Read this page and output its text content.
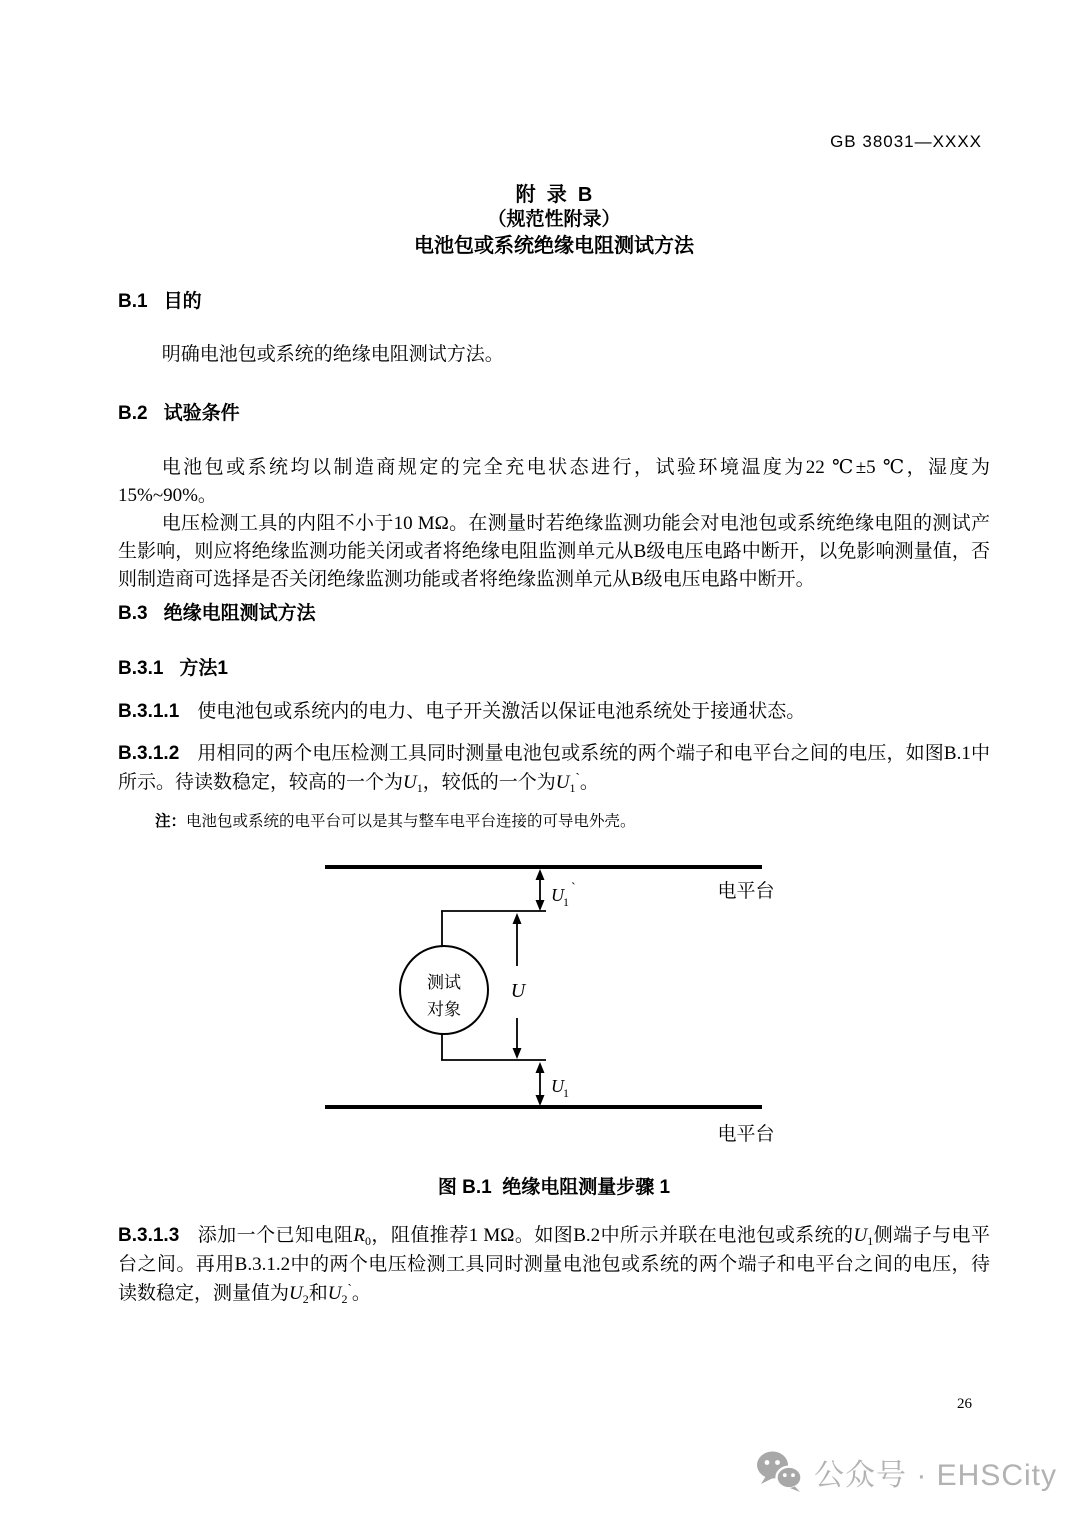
GB 38031—XXXX
附  录  B
（规范性附录）
电池包或系统绝缘电阻测试方法
B.1 目的

明确电池包或系统的绝缘电阻测试方法。

B.2 试验条件

电池包或系统均以制造商规定的完全充电状态进行，试验环境温度为22 ℃±5 ℃，湿度为15%~90%。

电压检测工具的内阻不小于10 MΩ。在测量时若绝缘监测功能会对电池包或系统绝缘电阻的测试产生影响，则应将绝缘监测功能关闭或者将绝缘电阻监测单元从B级电压电路中断开，以免影响测量值，否则制造商可选择是否关闭绝缘监测功能或者将绝缘监测单元从B级电压电路中断开。

B.3 绝缘电阻测试方法
B.3.1 方法1
B.3.1.1 使电池包或系统内的电力、电子开关激活以保证电池系统处于接通状态。
B.3.1.2 用相同的两个电压检测工具同时测量电池包或系统的两个端子和电平台之间的电压，如图B.1中所示。待读数稳定，较高的一个为$U_1$，较低的一个为$U_1^`$。
注：电池包或系统的电平台可以是其与整车电平台连接的可导电外壳。
电平台
U 1
`
测试
对象
U
U 1
电平台
图 B.1  绝缘电阻测量步骤 1
B.3.1.3 添加一个已知电阻$R_0$，阻值推荐1 MΩ。如图B.2中所示并联在电池包或系统的$U_1$侧端子与电平台之间。再用B.3.1.2中的两个电压检测工具同时测量电池包或系统的两个端子和电平台之间的电压，待读数稳定，测量值为$U_2$和$U_2^`$。
26
公众号 · EHSCity
